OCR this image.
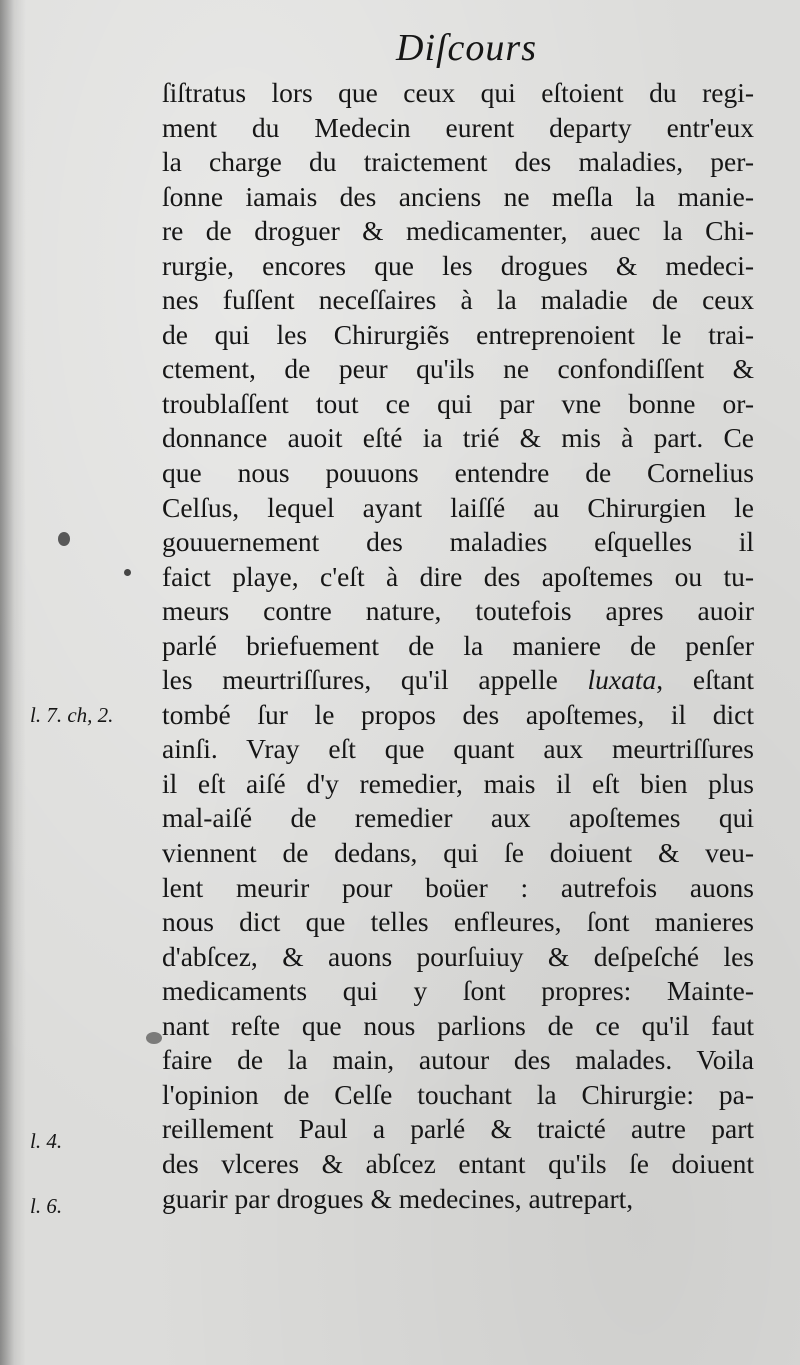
Diſcours
ſiſtratus lors que ceux qui eſtoient du regi-
ment du Medecin eurent departy entr'eux
la charge du traictement des maladies, per-
ſonne iamais des anciens ne meſla la manie-
re de droguer & medicamenter, auec la Chi-
rurgie, encores que les drogues & medeci-
nes fuſſent neceſſaires à la maladie de ceux
de qui les Chirurgiẽs entreprenoient le trai-
ctement, de peur qu'ils ne confondiſſent &
troublaſſent tout ce qui par vne bonne or-
donnance auoit eſté ia trié & mis à part. Ce
que nous pouuons entendre de Cornelius
Celſus, lequel ayant laiſſé au Chirurgien le
gouuernement des maladies eſquelles il
faict playe, c'eſt à dire des apoſtemes ou tu-
meurs contre nature, toutefois apres auoir
parlé briefuement de la maniere de penſer
les meurtriſſures, qu'il appelle luxata, eſtant
tombé ſur le propos des apoſtemes, il dict
ainſi. Vray eſt que quant aux meurtriſſures
il eſt aiſé d'y remedier, mais il eſt bien plus
mal-aiſé de remedier aux apoſtemes qui
viennent de dedans, qui ſe doiuent & veu-
lent meurir pour boüer : autrefois auons
nous dict que telles enfleures, ſont manieres
d'abſcez, & auons pourſuiuy & deſpeſché les
medicaments qui y ſont propres: Mainte-
nant reſte que nous parlions de ce qu'il faut
faire de la main, autour des malades. Voila
l'opinion de Celſe touchant la Chirurgie: pa-
reillement Paul a parlé & traicté autre part
des vlceres & abſcez entant qu'ils ſe doiuent
guarir par drogues & medecines, autrepart,
l. 7. ch, 2.
l. 4.
l. 6.
